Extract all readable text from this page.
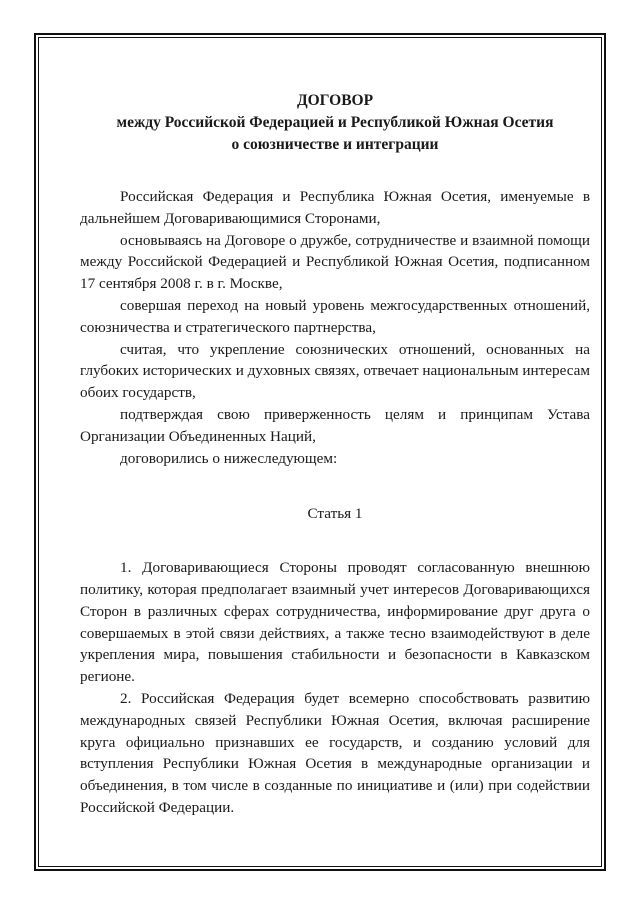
ДОГОВОР
между Российской Федерацией и Республикой Южная Осетия
о союзничестве и интеграции

Российская Федерация и Республика Южная Осетия, именуемые в дальнейшем Договаривающимися Сторонами,

основываясь на Договоре о дружбе, сотрудничестве и взаимной помощи между Российской Федерацией и Республикой Южная Осетия, подписанном 17 сентября 2008 г. в г. Москве,

совершая переход на новый уровень межгосударственных отношений, союзничества и стратегического партнерства,

считая, что укрепление союзнических отношений, основанных на глубоких исторических и духовных связях, отвечает национальным интересам обоих государств,

подтверждая свою приверженность целям и принципам Устава Организации Объединенных Наций,

договорились о нижеследующем:

Статья 1

1. Договаривающиеся Стороны проводят согласованную внешнюю политику, которая предполагает взаимный учет интересов Договаривающихся Сторон в различных сферах сотрудничества, информирование друг друга о совершаемых в этой связи действиях, а также тесно взаимодействуют в деле укрепления мира, повышения стабильности и безопасности в Кавказском регионе.

2. Российская Федерация будет всемерно способствовать развитию международных связей Республики Южная Осетия, включая расширение круга официально признавших ее государств, и созданию условий для вступления Республики Южная Осетия в международные организации и объединения, в том числе в созданные по инициативе и (или) при содействии Российской Федерации.
